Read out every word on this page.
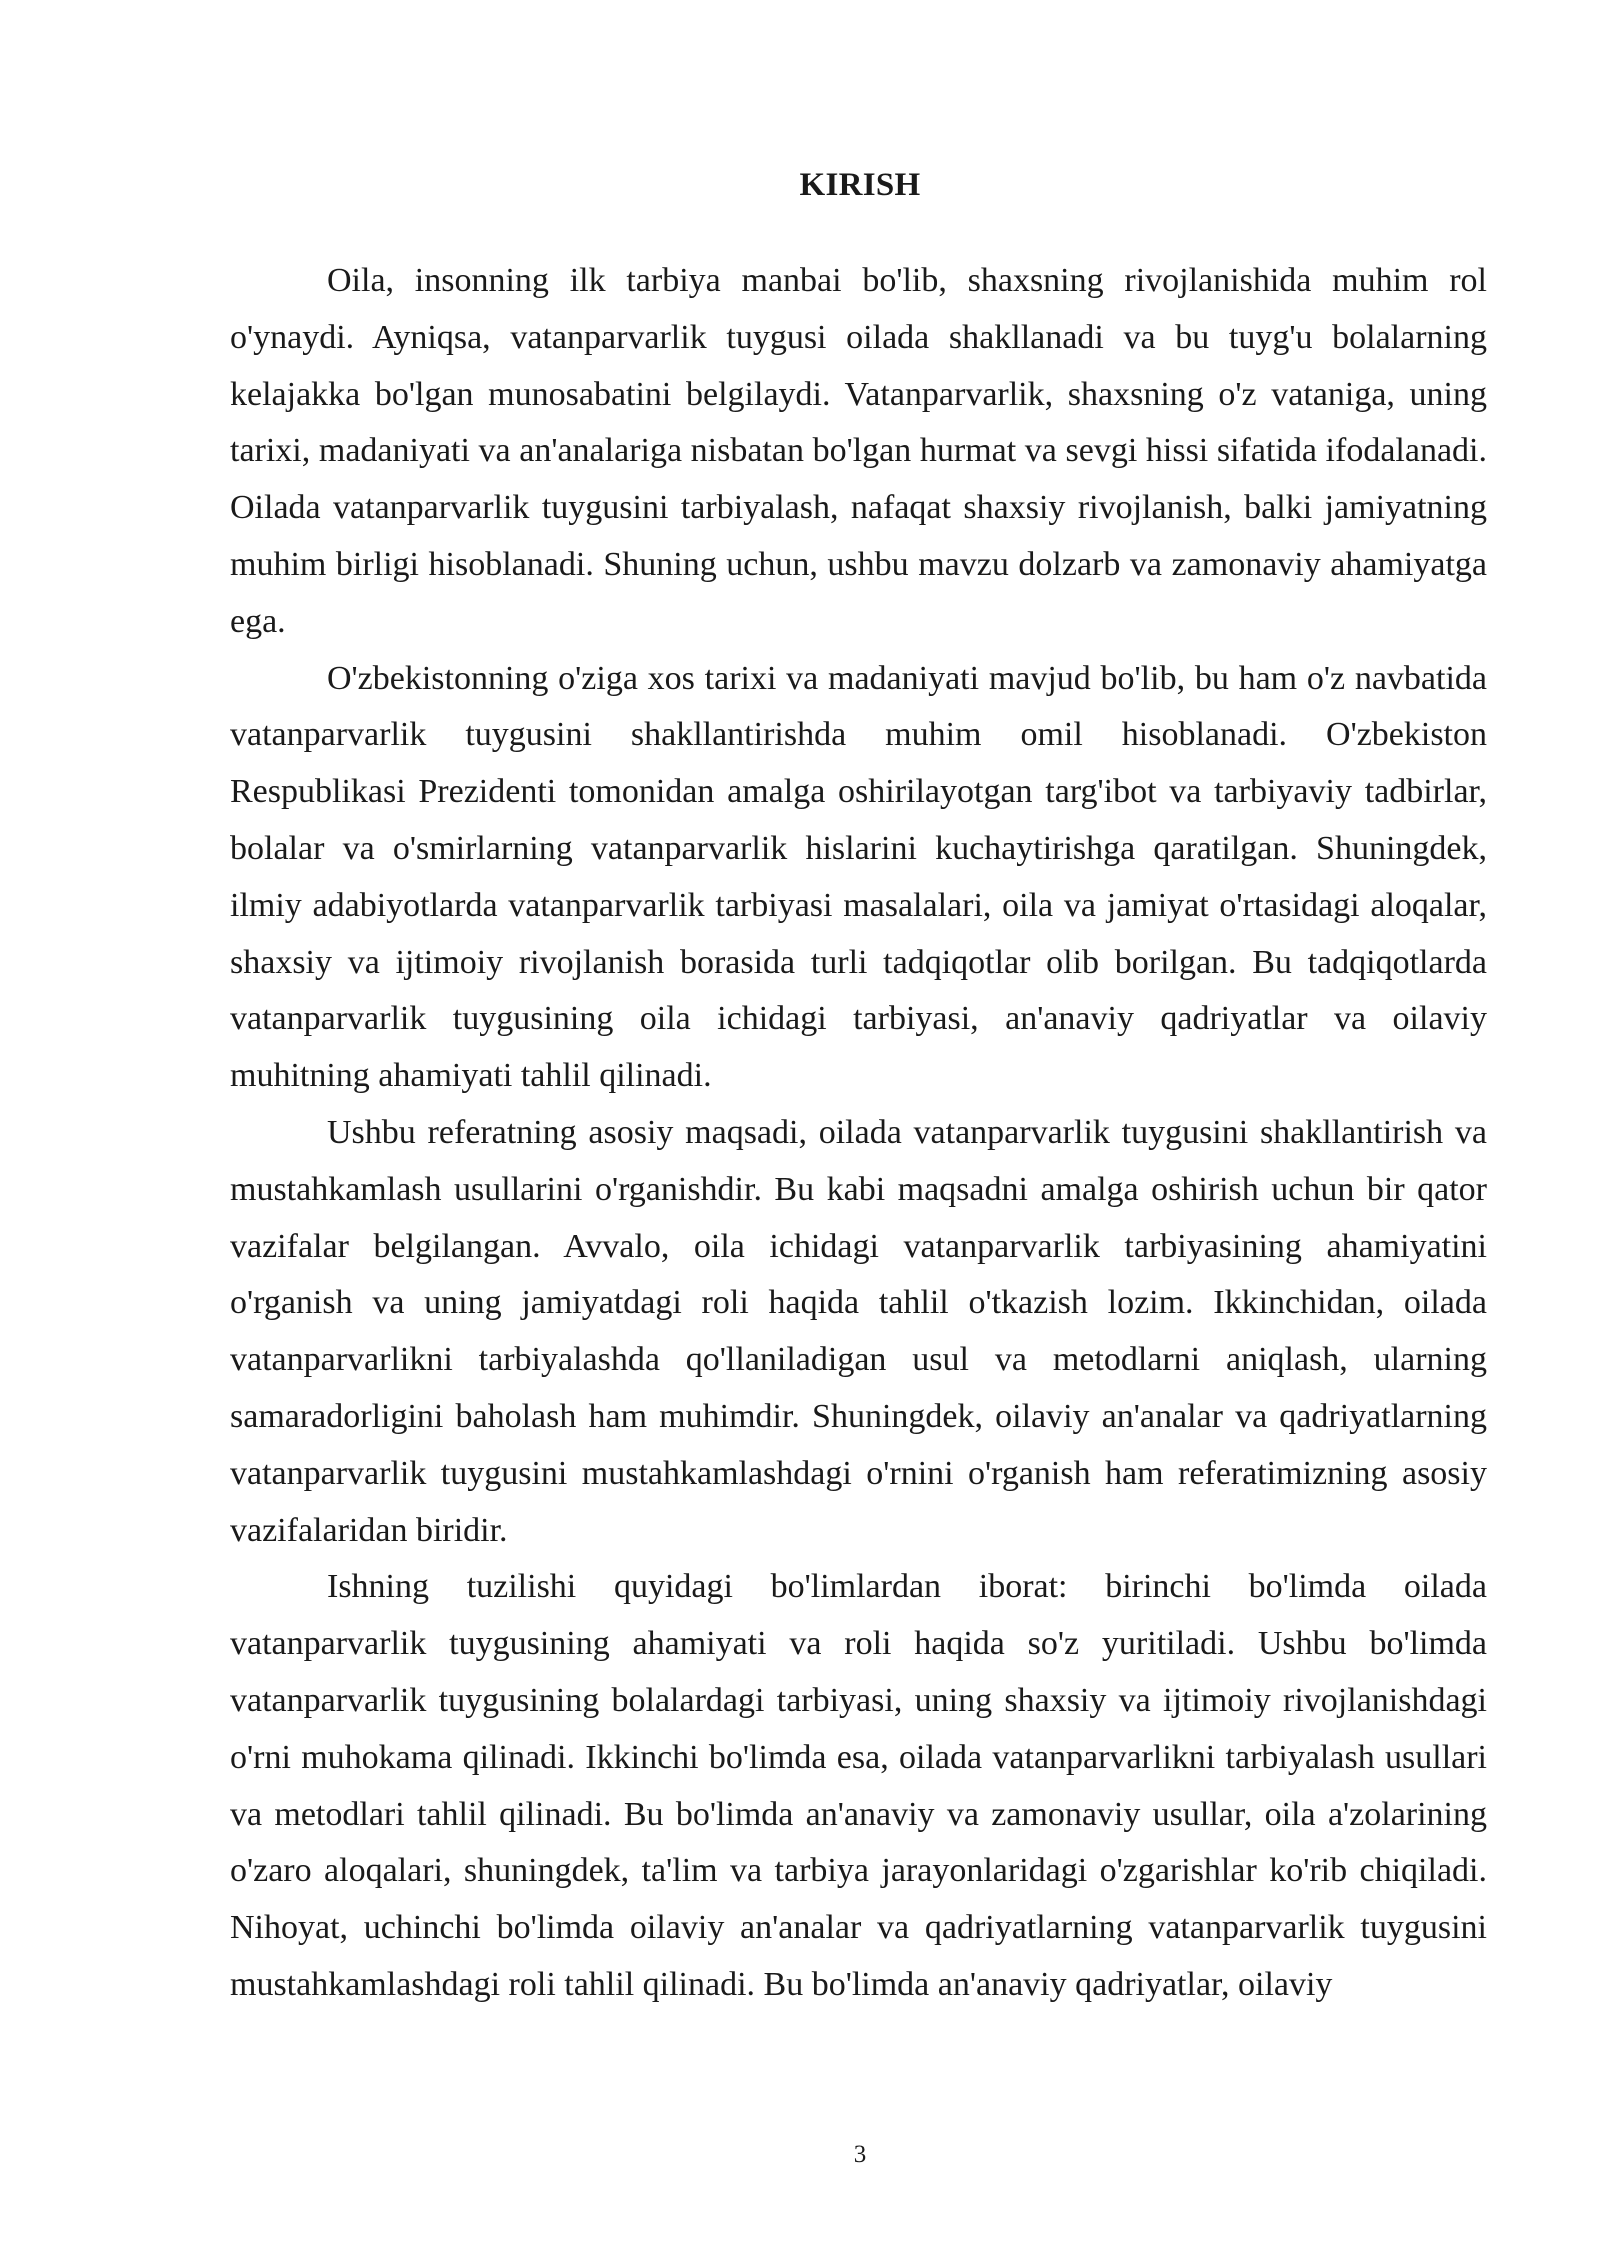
KIRISH

Oila, insonning ilk tarbiya manbai bo'lib, shaxsning rivojlanishida muhim rol o'ynaydi. Ayniqsa, vatanparvarlik tuygusi oilada shakllanadi va bu tuyg'u bolalarning kelajakka bo'lgan munosabatini belgilaydi. Vatanparvarlik, shaxsning o'z vataniga, uning tarixi, madaniyati va an'analariga nisbatan bo'lgan hurmat va sevgi hissi sifatida ifodalanadi. Oilada vatanparvarlik tuygusini tarbiyalash, nafaqat shaxsiy rivojlanish, balki jamiyatning muhim birligi hisoblanadi. Shuning uchun, ushbu mavzu dolzarb va zamonaviy ahamiyatga ega.

O'zbekistonning o'ziga xos tarixi va madaniyati mavjud bo'lib, bu ham o'z navbatida vatanparvarlik tuygusini shakllantirishda muhim omil hisoblanadi. O'zbekiston Respublikasi Prezidenti tomonidan amalga oshirilayotgan targ'ibot va tarbiyaviy tadbirlar, bolalar va o'smirlarning vatanparvarlik hislarini kuchaytirishga qaratilgan. Shuningdek, ilmiy adabiyotlarda vatanparvarlik tarbiyasi masalalari, oila va jamiyat o'rtasidagi aloqalar, shaxsiy va ijtimoiy rivojlanish borasida turli tadqiqotlar olib borilgan. Bu tadqiqotlarda vatanparvarlik tuygusining oila ichidagi tarbiyasi, an'anaviy qadriyatlar va oilaviy muhitning ahamiyati tahlil qilinadi.

Ushbu referatning asosiy maqsadi, oilada vatanparvarlik tuygusini shakllantirish va mustahkamlash usullarini o'rganishdir. Bu kabi maqsadni amalga oshirish uchun bir qator vazifalar belgilangan. Avvalo, oila ichidagi vatanparvarlik tarbiyasining ahamiyatini o'rganish va uning jamiyatdagi roli haqida tahlil o'tkazish lozim. Ikkinchidan, oilada vatanparvarlikni tarbiyalashda qo'llaniladigan usul va metodlarni aniqlash, ularning samaradorligini baholash ham muhimdir. Shuningdek, oilaviy an'analar va qadriyatlarning vatanparvarlik tuygusini mustahkamlashdagi o'rnini o'rganish ham referatimizning asosiy vazifalaridan biridir.

Ishning tuzilishi quyidagi bo'limlardan iborat: birinchi bo'limda oilada vatanparvarlik tuygusining ahamiyati va roli haqida so'z yuritiladi. Ushbu bo'limda vatanparvarlik tuygusining bolalardagi tarbiyasi, uning shaxsiy va ijtimoiy rivojlanishdagi o'rni muhokama qilinadi. Ikkinchi bo'limda esa, oilada vatanparvarlikni tarbiyalash usullari va metodlari tahlil qilinadi. Bu bo'limda an'anaviy va zamonaviy usullar, oila a'zolarining o'zaro aloqalari, shuningdek, ta'lim va tarbiya jarayonlaridagi o'zgarishlar ko'rib chiqiladi. Nihoyat, uchinchi bo'limda oilaviy an'analar va qadriyatlarning vatanparvarlik tuygusini mustahkamlashdagi roli tahlil qilinadi. Bu bo'limda an'anaviy qadriyatlar, oilaviy

3
